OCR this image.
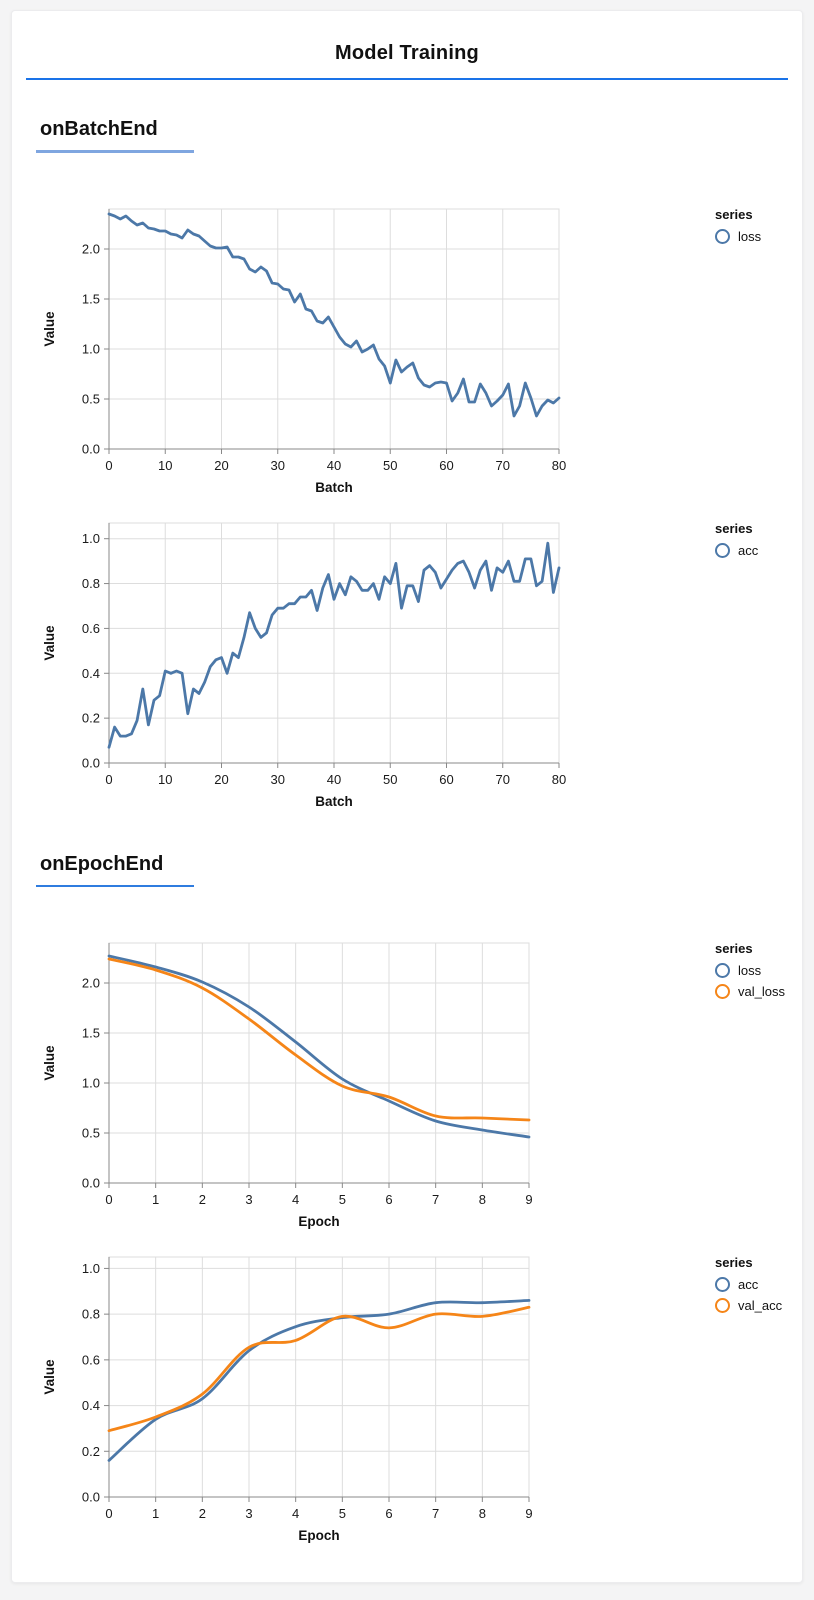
Model Training
onBatchEnd
0	10	20	30	40	50	60	70	80
0.0
0.5
1.0
1.5
2.0
Batch
Value
series
loss
0	10	20	30	40	50	60	70	80
0.0
0.2
0.4
0.6
0.8
1.0
Batch
Value
series
acc
onEpochEnd
0	1	2	3	4	5	6	7	8	9
0.0
0.5
1.0
1.5
2.0
Epoch
Value
series
loss
val_loss
0	1	2	3	4	5	6	7	8	9
0.0
0.2
0.4
0.6
0.8
1.0
Epoch
Value
series
acc
val_acc
